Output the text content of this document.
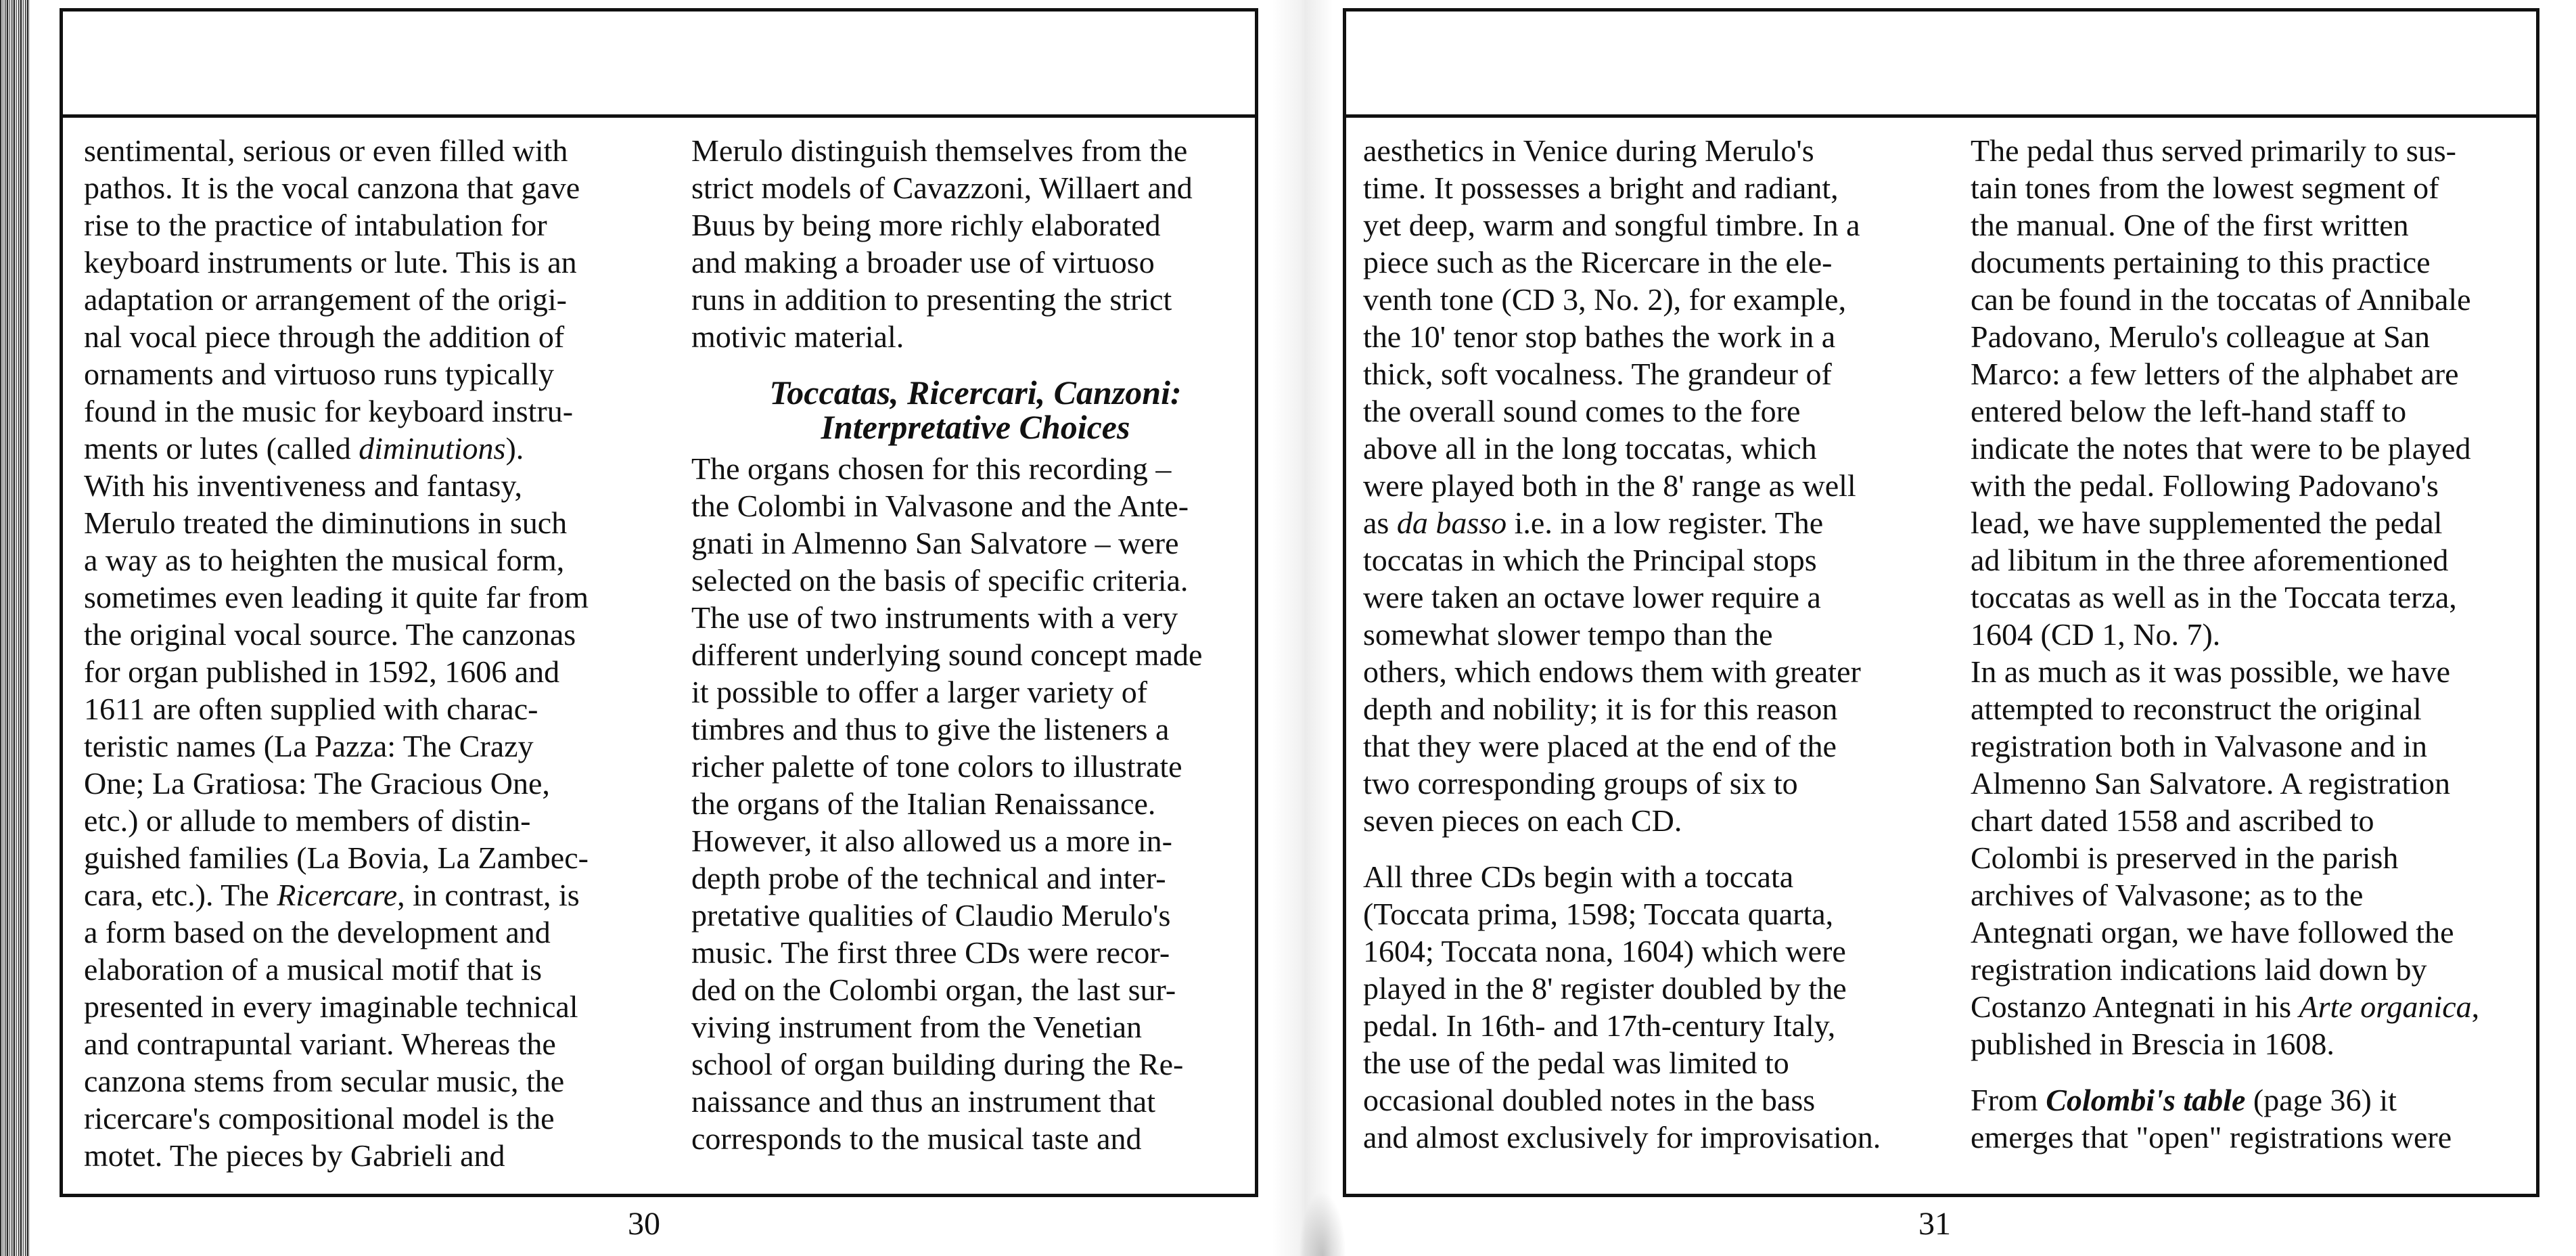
sentimental, serious or even filled with
pathos. It is the vocal canzona that gave
rise to the practice of intabulation for
keyboard instruments or lute. This is an
adaptation or arrangement of the origi-
nal vocal piece through the addition of
ornaments and virtuoso runs typically
found in the music for keyboard instru-
ments or lutes (called diminutions).
With his inventiveness and fantasy,
Merulo treated the diminutions in such
a way as to heighten the musical form,
sometimes even leading it quite far from
the original vocal source. The canzonas
for organ published in 1592, 1606 and
1611 are often supplied with charac-
teristic names (La Pazza: The Crazy
One; La Gratiosa: The Gracious One,
etc.) or allude to members of distin-
guished families (La Bovia, La Zambec-
cara, etc.). The Ricercare, in contrast, is
a form based on the development and
elaboration of a musical motif that is
presented in every imaginable technical
and contrapuntal variant. Whereas the
canzona stems from secular music, the
ricercare's compositional model is the
motet. The pieces by Gabrieli and
Merulo distinguish themselves from the
strict models of Cavazzoni, Willaert and
Buus by being more richly elaborated
and making a broader use of virtuoso
runs in addition to presenting the strict
motivic material.
Toccatas, Ricercari, Canzoni:
Interpretative Choices
The organs chosen for this recording –
the Colombi in Valvasone and the Ante-
gnati in Almenno San Salvatore – were
selected on the basis of specific criteria.
The use of two instruments with a very
different underlying sound concept made
it possible to offer a larger variety of
timbres and thus to give the listeners a
richer palette of tone colors to illustrate
the organs of the Italian Renaissance.
However, it also allowed us a more in-
depth probe of the technical and inter-
pretative qualities of Claudio Merulo's
music. The first three CDs were recor-
ded on the Colombi organ, the last sur-
viving instrument from the Venetian
school of organ building during the Re-
naissance and thus an instrument that
corresponds to the musical taste and
30
aesthetics in Venice during Merulo's
time. It possesses a bright and radiant,
yet deep, warm and songful timbre. In a
piece such as the Ricercare in the ele-
venth tone (CD 3, No. 2), for example,
the 10' tenor stop bathes the work in a
thick, soft vocalness. The grandeur of
the overall sound comes to the fore
above all in the long toccatas, which
were played both in the 8' range as well
as da basso i.e. in a low register. The
toccatas in which the Principal stops
were taken an octave lower require a
somewhat slower tempo than the
others, which endows them with greater
depth and nobility; it is for this reason
that they were placed at the end of the
two corresponding groups of six to
seven pieces on each CD.
All three CDs begin with a toccata
(Toccata prima, 1598; Toccata quarta,
1604; Toccata nona, 1604) which were
played in the 8' register doubled by the
pedal. In 16th- and 17th-century Italy,
the use of the pedal was limited to
occasional doubled notes in the bass
and almost exclusively for improvisation.
The pedal thus served primarily to sus-
tain tones from the lowest segment of
the manual. One of the first written
documents pertaining to this practice
can be found in the toccatas of Annibale
Padovano, Merulo's colleague at San
Marco: a few letters of the alphabet are
entered below the left-hand staff to
indicate the notes that were to be played
with the pedal. Following Padovano's
lead, we have supplemented the pedal
ad libitum in the three aforementioned
toccatas as well as in the Toccata terza,
1604 (CD 1, No. 7).
In as much as it was possible, we have
attempted to reconstruct the original
registration both in Valvasone and in
Almenno San Salvatore. A registration
chart dated 1558 and ascribed to
Colombi is preserved in the parish
archives of Valvasone; as to the
Antegnati organ, we have followed the
registration indications laid down by
Costanzo Antegnati in his Arte organica,
published in Brescia in 1608.
From Colombi's table (page 36) it
emerges that "open" registrations were
31
